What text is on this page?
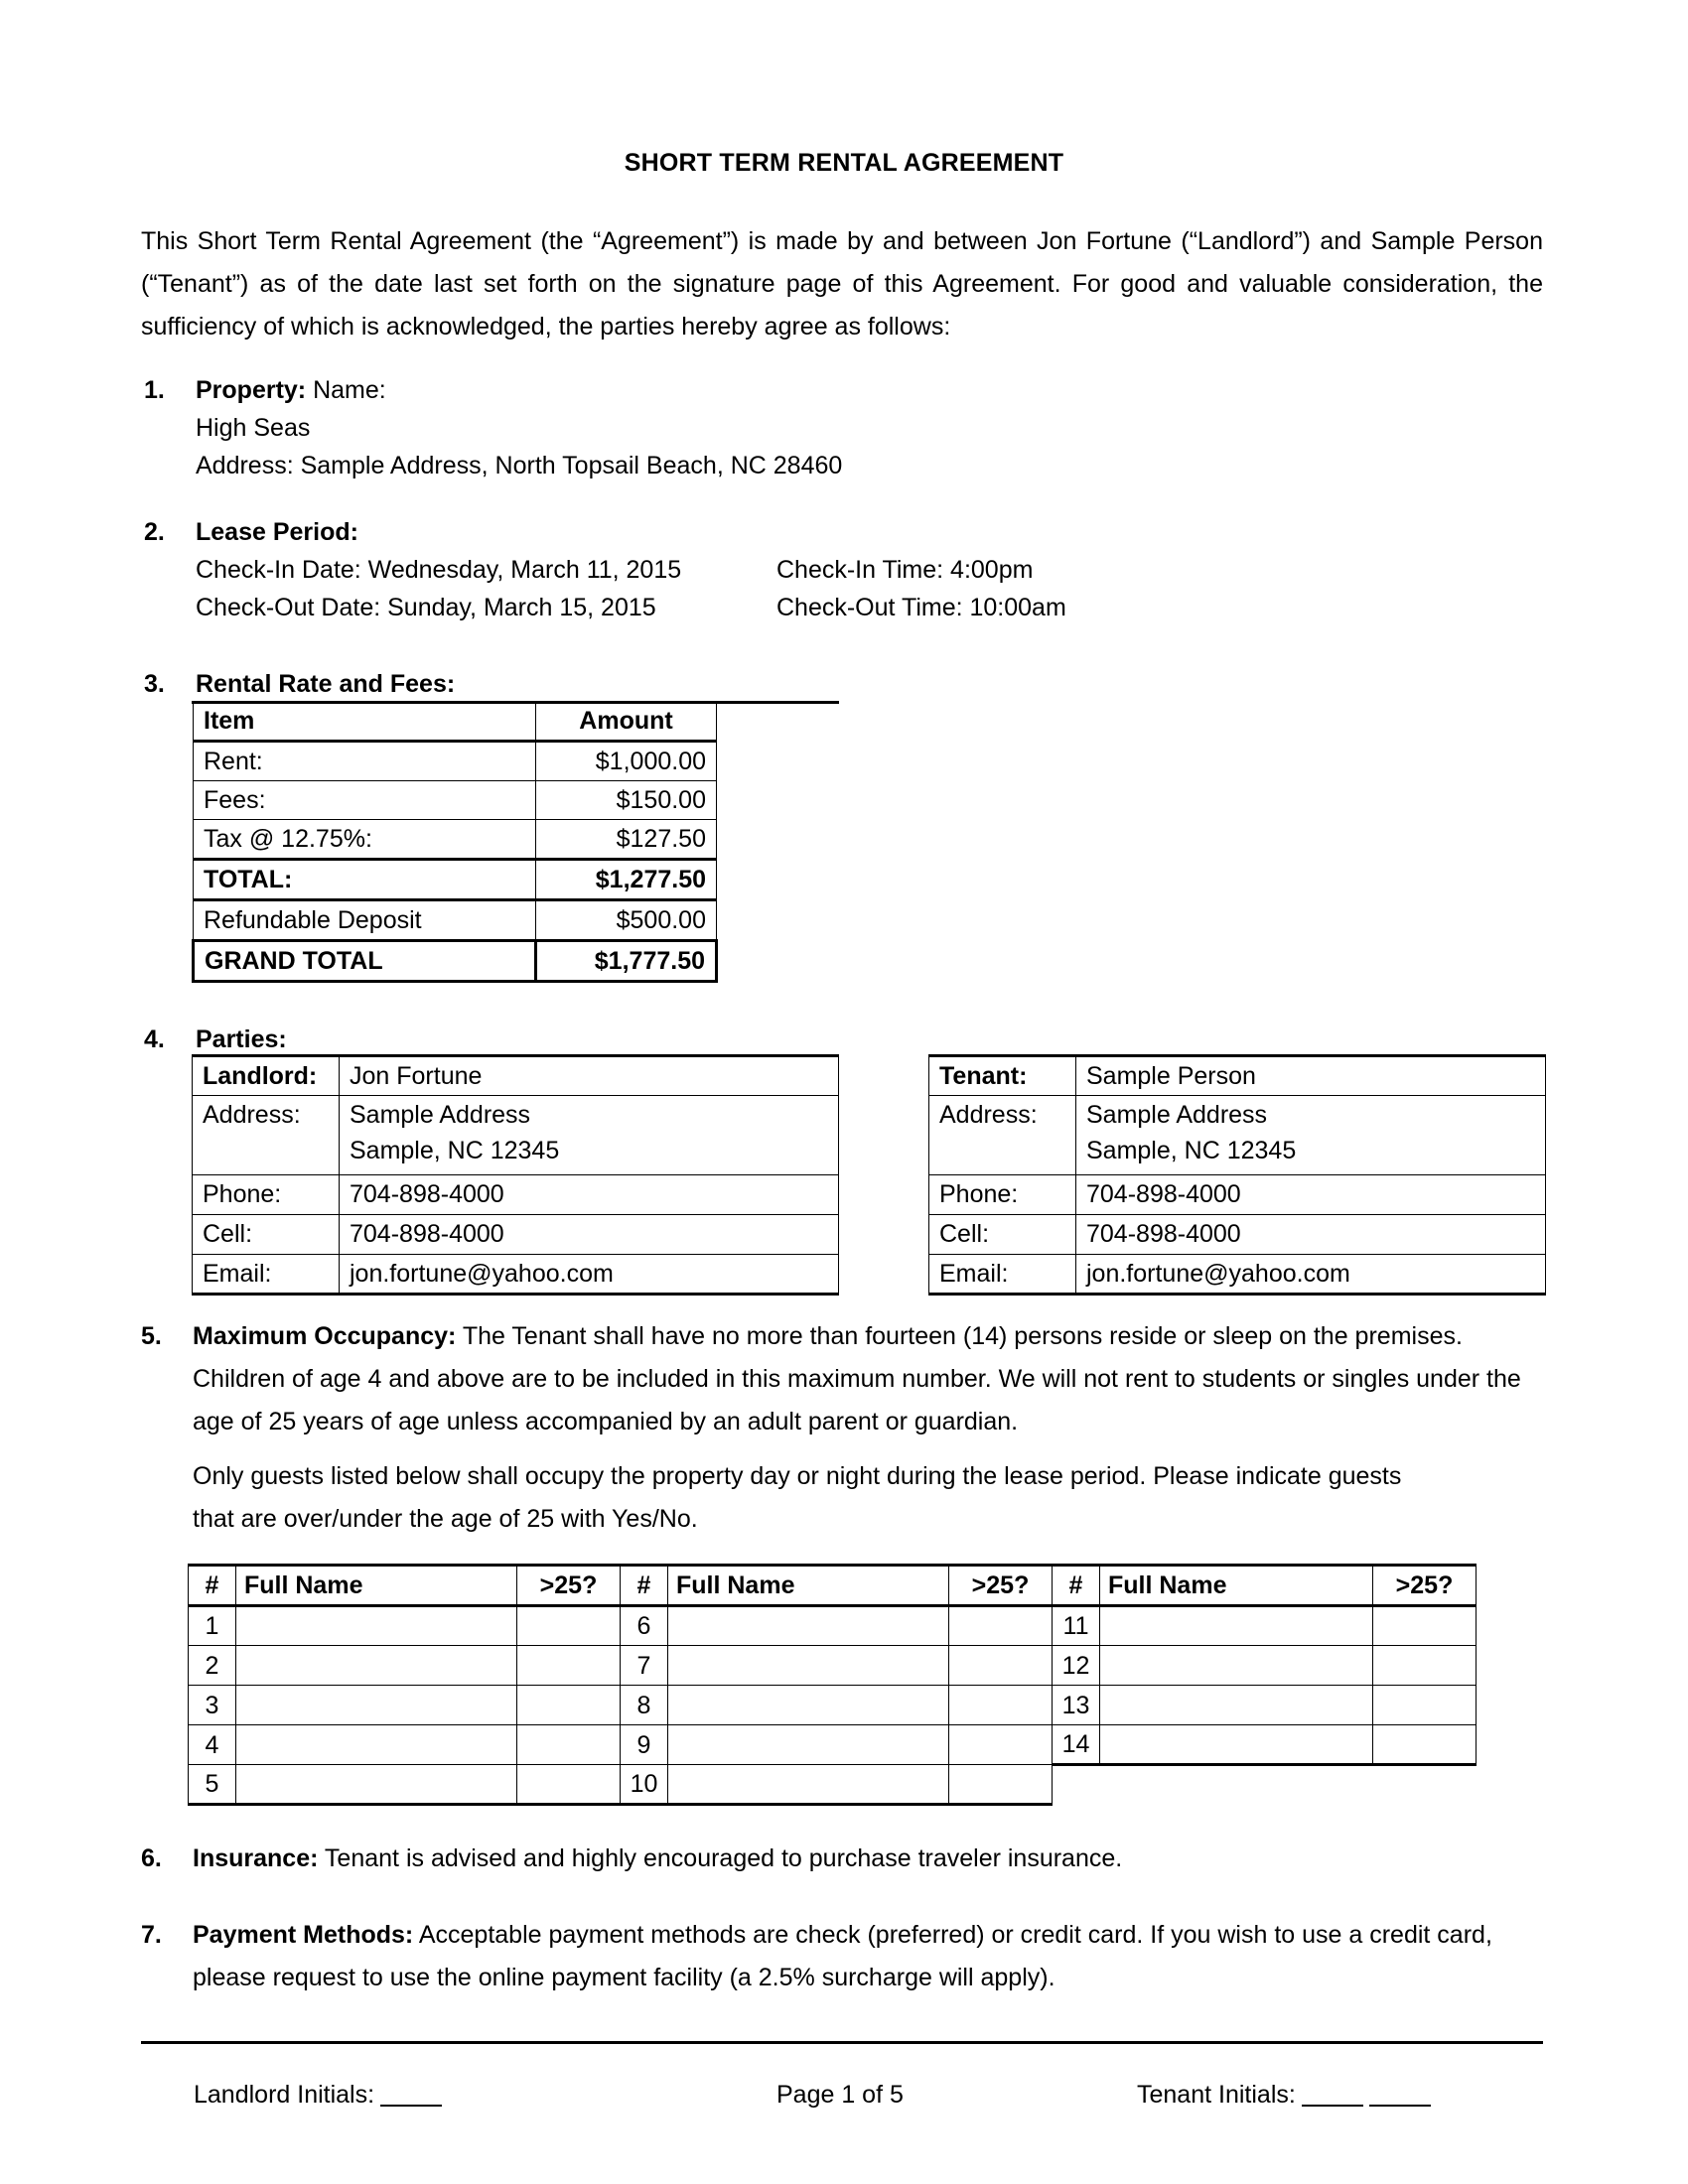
SHORT TERM RENTAL AGREEMENT
This Short Term Rental Agreement (the “Agreement”) is made by and between Jon Fortune (“Landlord”) and Sample Person (“Tenant”) as of the date last set forth on the signature page of this Agreement. For good and valuable consideration, the sufficiency of which is acknowledged, the parties hereby agree as follows:
1.	Property: Name:
High Seas
Address: Sample Address, North Topsail Beach, NC 28460
2.	Lease Period:
Check-In Date: Wednesday, March 11, 2015	Check-In Time: 4:00pm
Check-Out Date: Sunday, March 15, 2015	Check-Out Time: 10:00am
3.	Rental Rate and Fees:
Item	Amount
Rent:	$1,000.00
Fees:	$150.00
Tax @ 12.75%:	$127.50
TOTAL:	$1,277.50
Refundable Deposit	$500.00
GRAND TOTAL	$1,777.50
4.	Parties:
Landlord:	Jon Fortune
Address:	Sample Address
Sample, NC 12345

Phone:	704-898-4000
Cell:	704-898-4000
Email:	jon.fortune@yahoo.com
Tenant:	Sample Person
Address:	Sample Address
Sample, NC 12345

Phone:	704-898-4000
Cell:	704-898-4000
Email:	jon.fortune@yahoo.com
5.	Maximum Occupancy: The Tenant shall have no more than fourteen (14) persons reside or sleep on the premises. Children of age 4 and above are to be included in this maximum number. We will not rent to students or singles under the age of 25 years of age unless accompanied by an adult parent or guardian.
Only guests listed below shall occupy the property day or night during the lease period. Please indicate guests that are over/under the age of 25 with Yes/No.
#	Full Name	>25?	#	Full Name	>25?	#	Full Name	>25?
1			6			11		
2			7			12		
3			8			13		
4			9			14		
5			10					
6.	Insurance: Tenant is advised and highly encouraged to purchase traveler insurance.
7.	Payment Methods: Acceptable payment methods are check (preferred) or credit card. If you wish to use a credit card, please request to use the online payment facility (a 2.5% surcharge will apply).
Landlord Initials:	Page 1 of 5	Tenant Initials:
